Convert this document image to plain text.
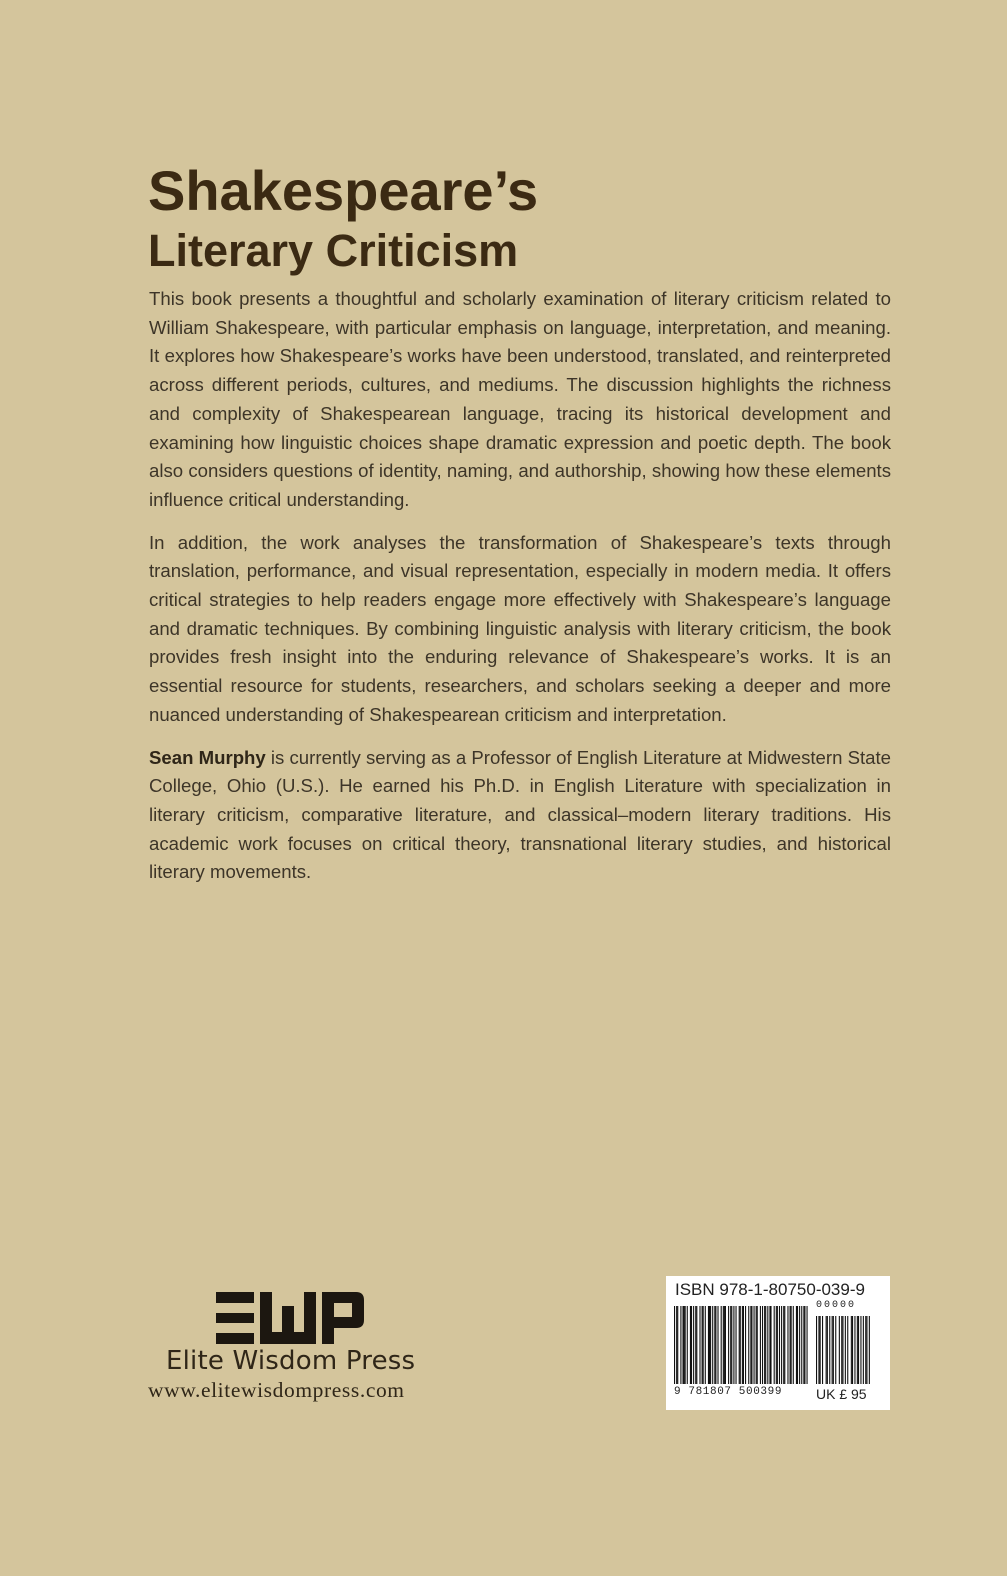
Shakespeare’s
Literary Criticism

This book presents a thoughtful and scholarly examination of literary criticism related to William Shakespeare, with particular emphasis on language, interpretation, and meaning. It explores how Shakespeare’s works have been understood, translated, and reinterpreted across different periods, cultures, and mediums. The discussion highlights the richness and complexity of Shakespearean language, tracing its historical development and examining how linguistic choices shape dramatic expression and poetic depth. The book also considers questions of identity, naming, and authorship, showing how these elements influence critical understanding.

In addition, the work analyses the transformation of Shakespeare’s texts through translation, performance, and visual representation, especially in modern media. It offers critical strategies to help readers engage more effectively with Shakespeare’s language and dramatic techniques. By combining linguistic analysis with literary criticism, the book provides fresh insight into the enduring relevance of Shakespeare’s works. It is an essential resource for students, researchers, and scholars seeking a deeper and more nuanced understanding of Shakespearean criticism and interpretation.

Sean Murphy is currently serving as a Professor of English Literature at Midwestern State College, Ohio (U.S.). He earned his Ph.D. in English Literature with specialization in literary criticism, comparative literature, and classical–modern literary traditions. His academic work focuses on critical theory, transnational literary studies, and historical literary movements.

Elite Wisdom Press
www.elitewisdompress.com
ISBN 978-1-80750-039-9
00000
9 781807 500399 UK £ 95
